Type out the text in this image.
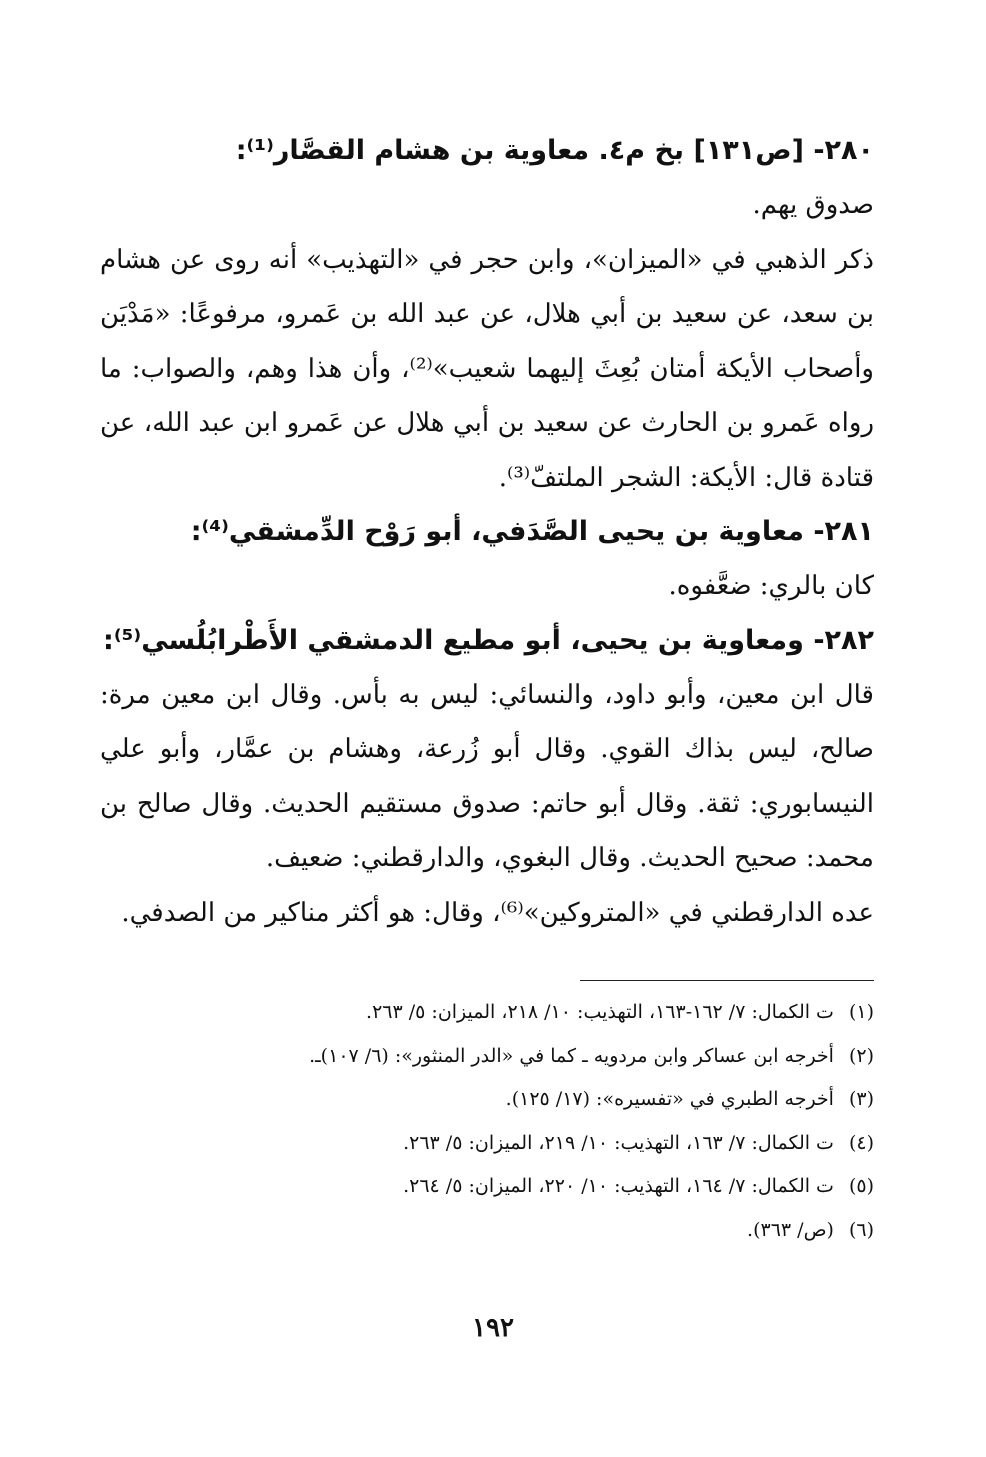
٢٨٠- [ص١٣١] بخ م٤. معاوية بن هشام القصَّار⁽¹⁾:

صدوق يهم.

ذكر الذهبي في «الميزان»، وابن حجر في «التهذيب» أنه روى عن هشام بن سعد، عن سعيد بن أبي هلال، عن عبد الله بن عَمرو، مرفوعًا: «مَدْيَن وأصحاب الأيكة أمتان بُعِثَ إليهما شعيب»⁽²⁾، وأن هذا وهم، والصواب: ما رواه عَمرو بن الحارث عن سعيد بن أبي هلال عن عَمرو ابن عبد الله، عن قتادة قال: الأيكة: الشجر الملتفّ⁽³⁾.

٢٨١- معاوية بن يحيى الصَّدَفي، أبو رَوْح الدِّمشقي⁽⁴⁾:

كان بالري: ضعَّفوه.

٢٨٢- ومعاوية بن يحيى، أبو مطيع الدمشقي الأَطْرابُلُسي⁽⁵⁾:

قال ابن معين، وأبو داود، والنسائي: ليس به بأس. وقال ابن معين مرة: صالح، ليس بذاك القوي. وقال أبو زُرعة، وهشام بن عمَّار، وأبو علي النيسابوري: ثقة. وقال أبو حاتم: صدوق مستقيم الحديث. وقال صالح بن محمد: صحيح الحديث. وقال البغوي، والدارقطني: ضعيف.

عده الدارقطني في «المتروكين»⁽⁶⁾، وقال: هو أكثر مناكير من الصدفي.

(١) ت الكمال: ٧/ ١٦٢-١٦٣، التهذيب: ١٠/ ٢١٨، الميزان: ٥/ ٢٦٣.
(٢) أخرجه ابن عساكر وابن مردويه ـ كما في «الدر المنثور»: (٦/ ١٠٧)ـ.
(٣) أخرجه الطبري في «تفسيره»: (١٧/ ١٢٥).
(٤) ت الكمال: ٧/ ١٦٣، التهذيب: ١٠/ ٢١٩، الميزان: ٥/ ٢٦٣.
(٥) ت الكمال: ٧/ ١٦٤، التهذيب: ١٠/ ٢٢٠، الميزان: ٥/ ٢٦٤.
(٦) (ص/ ٣٦٣).
١٩٢
